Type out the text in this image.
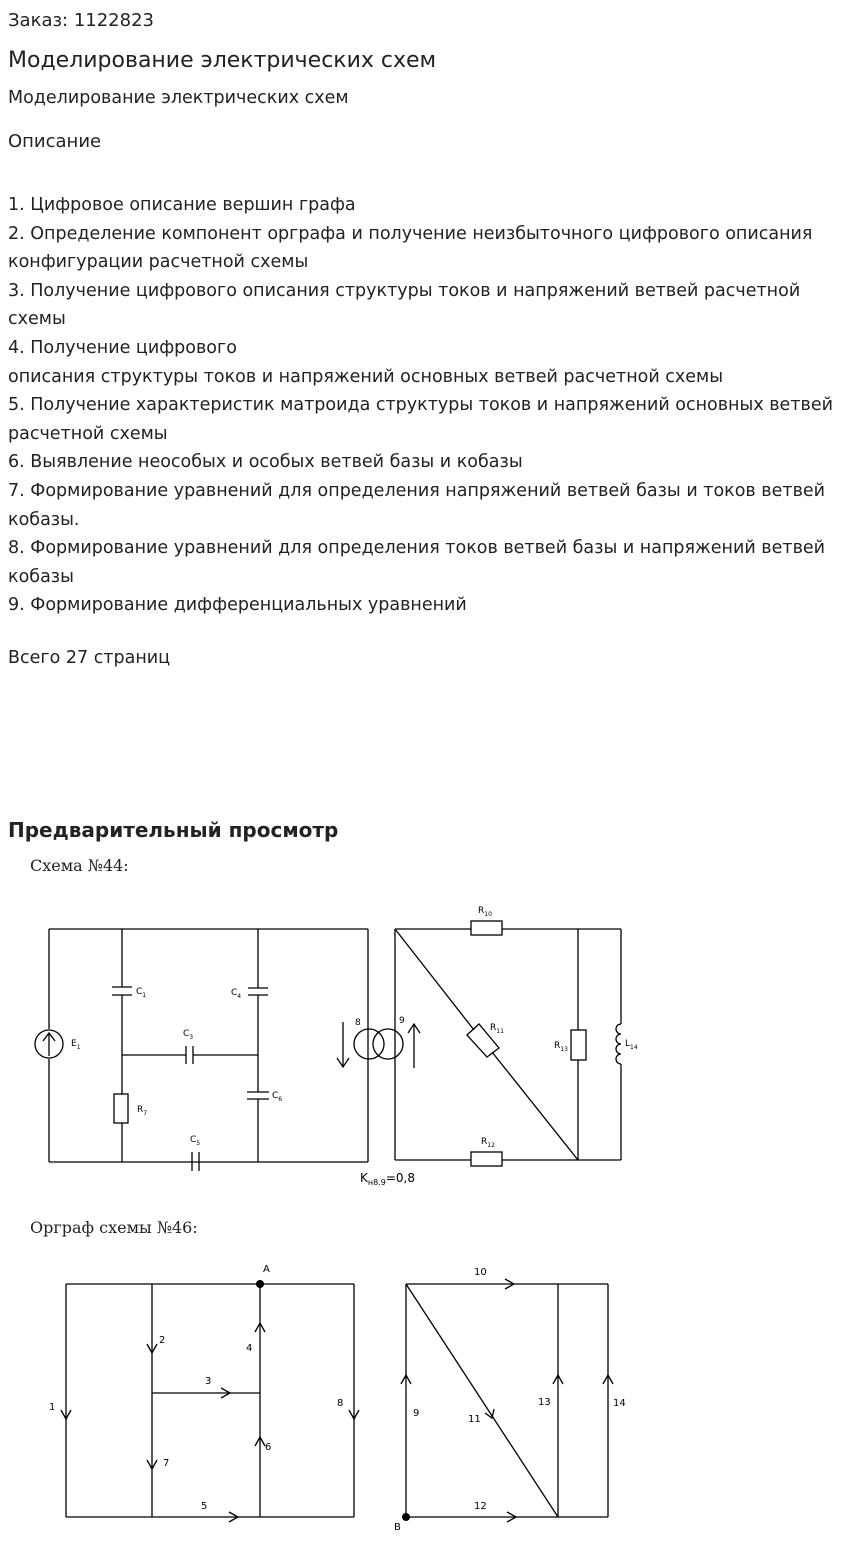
Заказ: 1122823
Моделирование электрических схем
Моделирование электрических схем
Описание
1. Цифровое описание вершин графа
2. Определение компонент орграфа и получение неизбыточного цифрового описания конфигурации расчетной схемы
3. Получение цифрового описания структуры токов и напряжений ветвей расчетной схемы
4. Получение цифрового
описания структуры токов и напряжений основных ветвей расчетной схемы
5. Получение характеристик матроида структуры токов и напряжений основных ветвей расчетной схемы
6. Выявление неособых и особых ветвей базы и кобазы
7. Формирование уравнений для определения напряжений ветвей базы и токов ветвей кобазы.
8. Формирование уравнений для определения токов ветвей базы и напряжений ветвей кобазы
9. Формирование дифференциальных уравнений
Всего 27 страниц
Предварительный просмотр
Схема №44:
$E_1$
$C_1$	$C_4$
$C_3$
$C_6$
$C_5$
$R_7$
$R_{10}$
$R_{11}$
$R_{12}$
$R_{13}$
$L_{14}$
8	9
$K_{н8.9}=0,8$
Орграф схемы №46:
A
B
1
2
3
4
5
6
7
8
9
10
11
12
13	14
